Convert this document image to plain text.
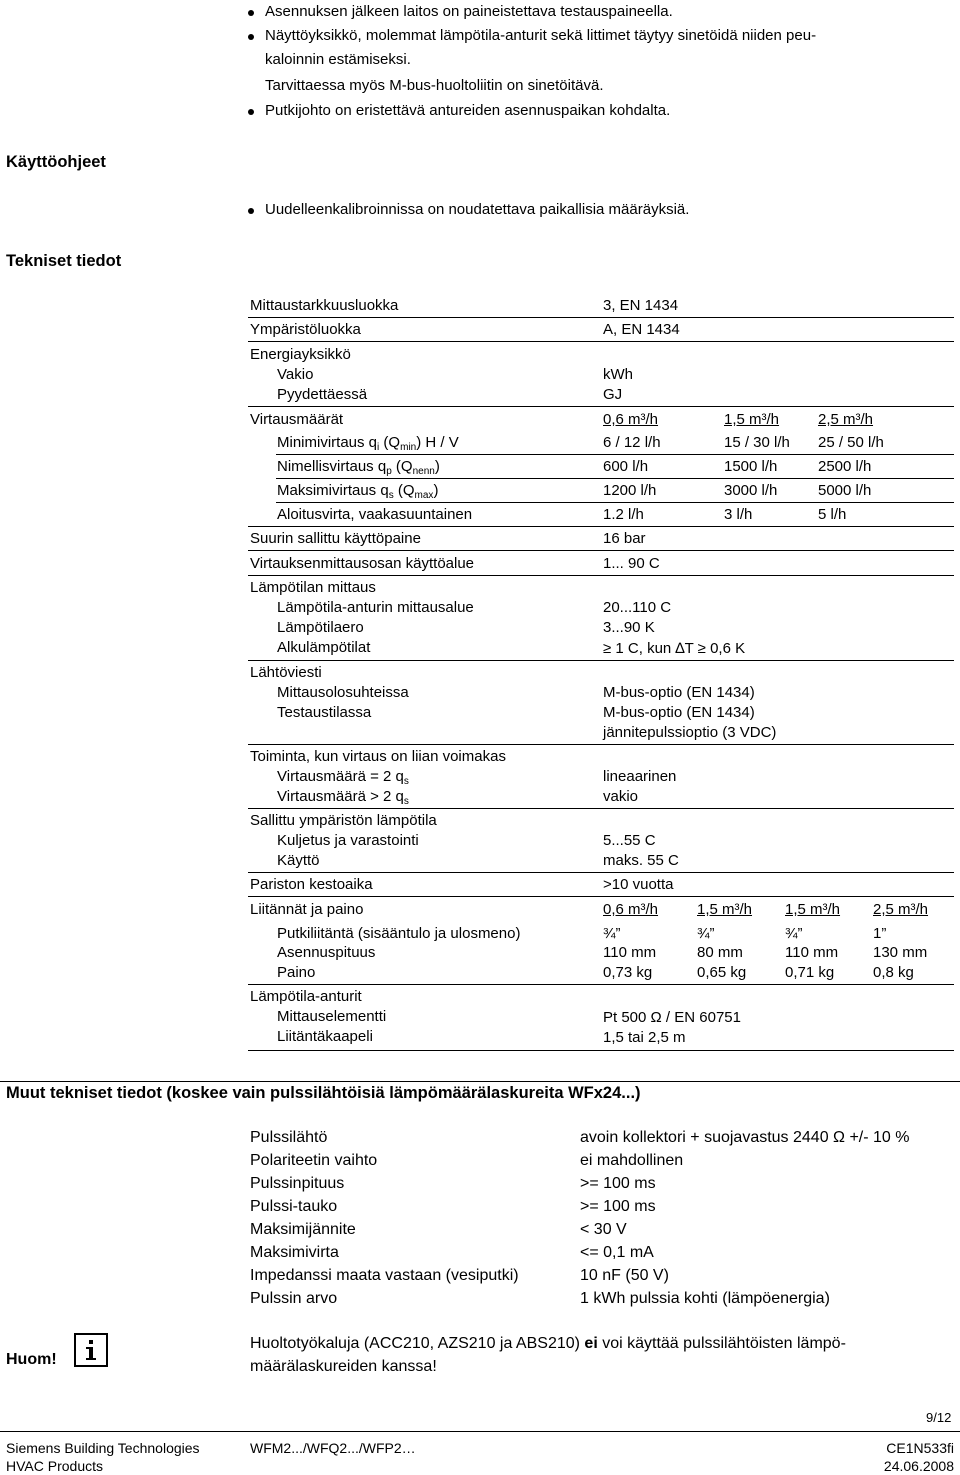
Asennuksen jälkeen laitos on paineistettava testauspaineella.
Näyttöyksikkö, molemmat lämpötila-anturit sekä littimet täytyy sinetöidä niiden peu-
kaloinnin estämiseksi.
Tarvittaessa myös M-bus-huoltoliitin on sinetöitävä.
Putkijohto on eristettävä antureiden asennuspaikan kohdalta.
Käyttöohjeet
Uudelleenkalibroinnissa on noudatettava paikallisia määräyksiä.
Tekniset tiedot
Mittaustarkkuusluokka	3, EN 1434
Ympäristöluokka	A, EN 1434
Energiayksikkö
Vakio	kWh
Pyydettäessä	GJ
Virtausmäärät	0,6 m³/h	1,5 m³/h	2,5 m³/h
Minimivirtaus $q_i$ $(Q_{min})$ H / V	6 / 12 l/h	15 / 30 l/h 25 / 50 l/h
Nimellisvirtaus $q_p$ $(Q_{nenn})$	600 l/h	1500 l/h	2500 l/h
Maksimivirtaus $q_s$ $(Q_{max})$	1200 l/h	3000 l/h	5000 l/h
Aloitusvirta, vaakasuuntainen	1.2 l/h	3 l/h	5 l/h
Suurin sallittu käyttöpaine	16 bar
Virtauksenmittausosan käyttöalue	1... 90 C
Lämpötilan mittaus
Lämpötila-anturin mittausalue	20...110 C
Lämpötilaero	3...90 K
Alkulämpötilat	≥ 1 C, kun ∆T ≥ 0,6 K
Lähtöviesti
Mittausolosuhteissa	M-bus-optio (EN 1434)
Testaustilassa	M-bus-optio (EN 1434)
jännitepulssioptio (3 VDC)
Toiminta, kun virtaus on liian voimakas
Virtausmäärä = 2 $q_s$	lineaarinen
Virtausmäärä > 2 $q_s$	vakio
Sallittu ympäristön lämpötila
Kuljetus ja varastointi	5...55 C
Käyttö	maks. 55 C
Pariston kestoaika	>10 vuotta
Liitännät ja paino	0,6 m³/h	1,5 m³/h 1,5 m³/h 2,5 m³/h
Putkiliitäntä (sisääntulo ja ulosmeno)	¾”	¾”	¾”	1”
Asennuspituus	110 mm	80 mm	110 mm 130 mm
Paino	0,73 kg	0,65 kg	0,71 kg	0,8 kg
Lämpötila-anturit
Mittauselementti	Pt 500 Ω / EN 60751
Liitäntäkaapeli	1,5 tai 2,5 m
Muut tekniset tiedot (koskee vain pulssilähtöisiä lämpömäärälaskureita WFx24...)
Pulssilähtö	avoin kollektori + suojavastus 2440 Ω +/- 10 %
Polariteetin vaihto	ei mahdollinen
Pulssinpituus	>= 100 ms
Pulssi-tauko	>= 100 ms
Maksimijännite	< 30 V
Maksimivirta	<= 0,1 mA
Impedanssi maata vastaan (vesiputki)	10 nF (50 V)
Pulssin arvo	1 kWh pulssia kohti (lämpöenergia)
Huom!
Huoltotyökaluja (ACC210, AZS210 ja ABS210) ei voi käyttää pulssilähtöisten lämpö-
määrälaskureiden kanssa!
9/12
Siemens Building Technologies
HVAC Products
WFM2.../WFQ2.../WFP2…	CE1N533fi
24.06.2008
